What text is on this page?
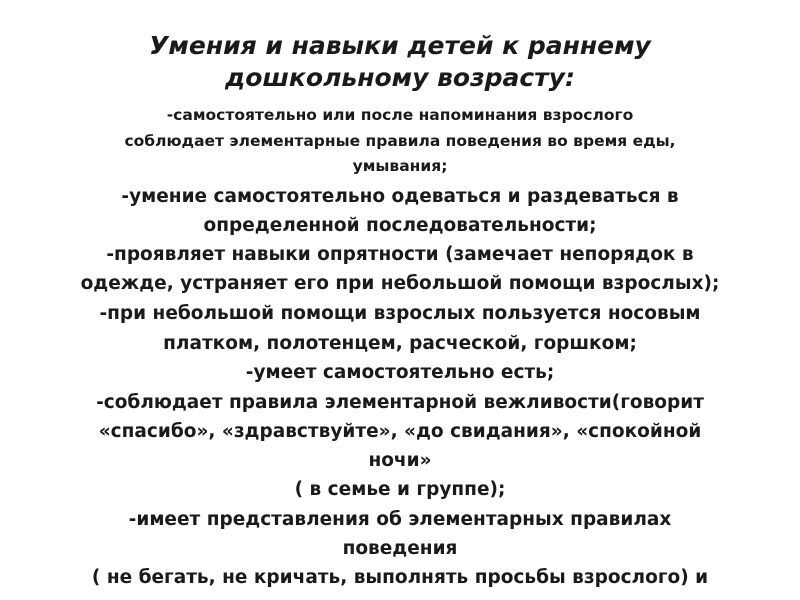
Умения и навыки детей к раннему
дошкольному возрасту:
-самостоятельно или после напоминания взрослого
соблюдает элементарные правила поведения во время еды,
умывания;
-умение самостоятельно одеваться и раздеваться в
определенной последовательности;
-проявляет навыки опрятности (замечает непорядок в
одежде, устраняет его при небольшой помощи взрослых);
-при небольшой помощи взрослых пользуется носовым
платком, полотенцем, расческой, горшком;
-умеет самостоятельно есть;
-соблюдает правила элементарной вежливости(говорит
«спасибо», «здравствуйте», «до свидания», «спокойной
ночи»
( в семье и группе);
-имеет представления об элементарных правилах
поведения
( не бегать, не кричать, выполнять просьбы взрослого) и
